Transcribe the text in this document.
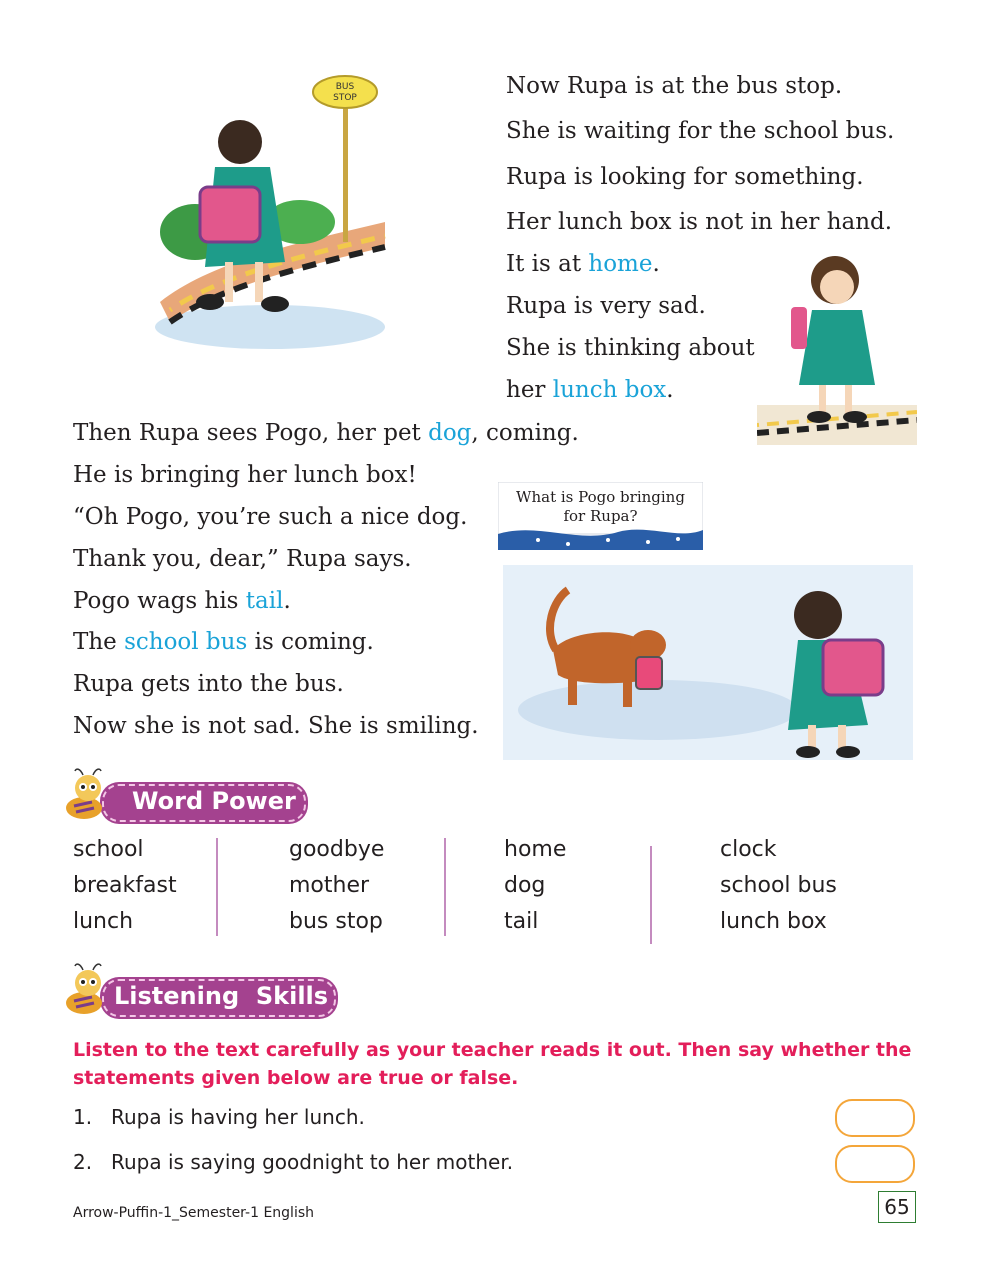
BUS
STOP	Now Rupa is at the bus stop.
She is waiting for the school bus.
Rupa is looking for something.
Her lunch box is not in her hand.
It is at home.
Rupa is very sad.
She is thinking about
her lunch box.
Then Rupa sees Pogo, her pet dog, coming.
He is bringing her lunch box!
“Oh Pogo, you’re such a nice dog.
Thank you, dear,” Rupa says.
Pogo wags his tail.
The school bus is coming.
Rupa gets into the bus.
Now she is not sad. She is smiling.
What is Pogo bringing
for Rupa?
Word Power
school
breakfast
lunch
goodbye
mother
bus stop
home
dog
tail
clock
school bus
lunch box
Listening  Skills
Listen to the text carefully as your teacher reads it out. Then say whether the statements given below are true or false.
1. Rupa is having her lunch.
2. Rupa is saying goodnight to her mother.
Arrow-Puffin-1_Semester-1 English	65
